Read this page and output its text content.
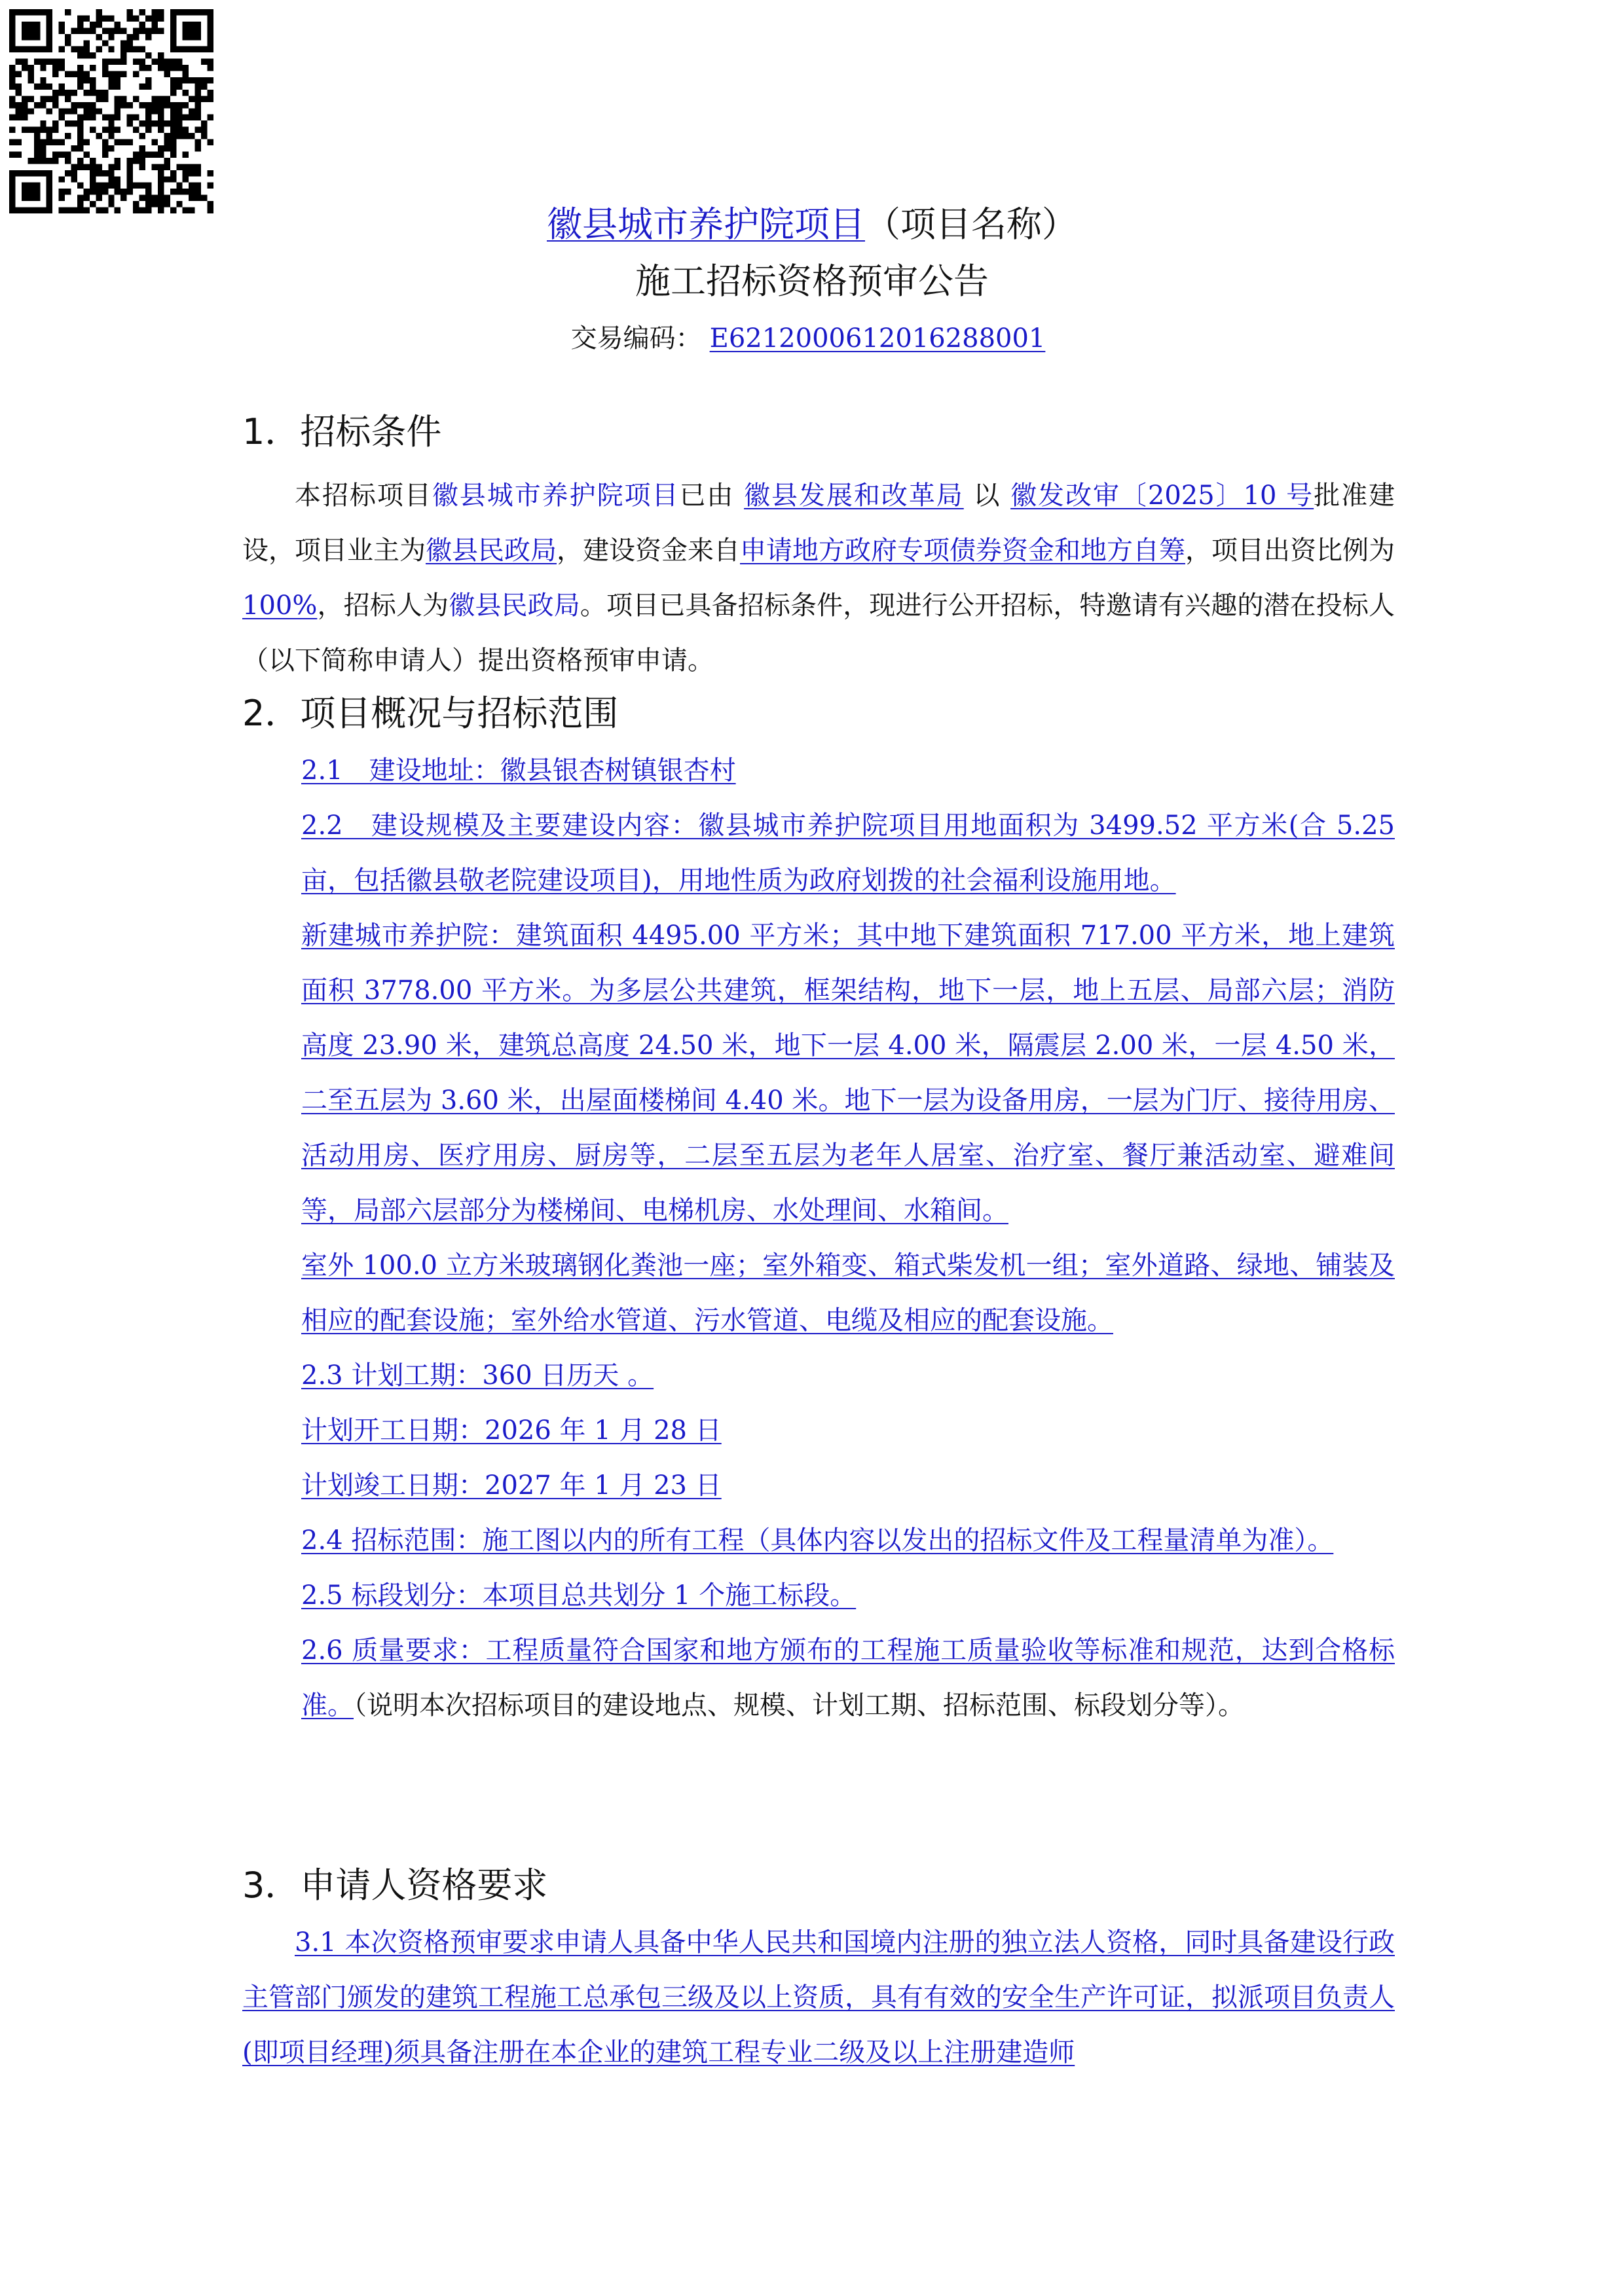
徽县城市养护院项目（项目名称）
施工招标资格预审公告
交易编码： E6212000612016288001
1．招标条件

本招标项目徽县城市养护院项目已由 徽县发展和改革局 以 徽发改审〔2025〕10 号批准建设，项目业主为徽县民政局，建设资金来自申请地方政府专项债券资金和地方自筹，项目出资比例为100%，招标人为徽县民政局。项目已具备招标条件，现进行公开招标，特邀请有兴趣的潜在投标人（以下简称申请人）提出资格预审申请。

2．项目概况与招标范围
2.1　建设地址：徽县银杏树镇银杏村
2.2　建设规模及主要建设内容：徽县城市养护院项目用地面积为 3499.52 平方米(合 5.25 亩，包括徽县敬老院建设项目)，用地性质为政府划拨的社会福利设施用地。
新建城市养护院：建筑面积 4495.00 平方米；其中地下建筑面积 717.00 平方米，地上建筑面积 3778.00 平方米。为多层公共建筑，框架结构，地下一层，地上五层、局部六层；消防高度 23.90 米，建筑总高度 24.50 米，地下一层 4.00 米，隔震层 2.00 米，一层 4.50 米，二至五层为 3.60 米，出屋面楼梯间 4.40 米。地下一层为设备用房，一层为门厅、接待用房、活动用房、医疗用房、厨房等，二层至五层为老年人居室、治疗室、餐厅兼活动室、避难间等，局部六层部分为楼梯间、电梯机房、水处理间、水箱间。
室外 100.0 立方米玻璃钢化粪池一座；室外箱变、箱式柴发机一组；室外道路、绿地、铺装及相应的配套设施；室外给水管道、污水管道、电缆及相应的配套设施。
2.3 计划工期：360 日历天 。
计划开工日期：2026 年 1 月 28 日
计划竣工日期：2027 年 1 月 23 日
2.4 招标范围：施工图以内的所有工程（具体内容以发出的招标文件及工程量清单为准）。
2.5 标段划分：本项目总共划分 1 个施工标段。
2.6 质量要求：工程质量符合国家和地方颁布的工程施工质量验收等标准和规范，达到合格标准。（说明本次招标项目的建设地点、规模、计划工期、招标范围、标段划分等）。
3．申请人资格要求

3.1 本次资格预审要求申请人具备中华人民共和国境内注册的独立法人资格，同时具备建设行政主管部门颁发的建筑工程施工总承包三级及以上资质，具有有效的安全生产许可证，拟派项目负责人(即项目经理)须具备注册在本企业的建筑工程专业二级及以上注册建造师
